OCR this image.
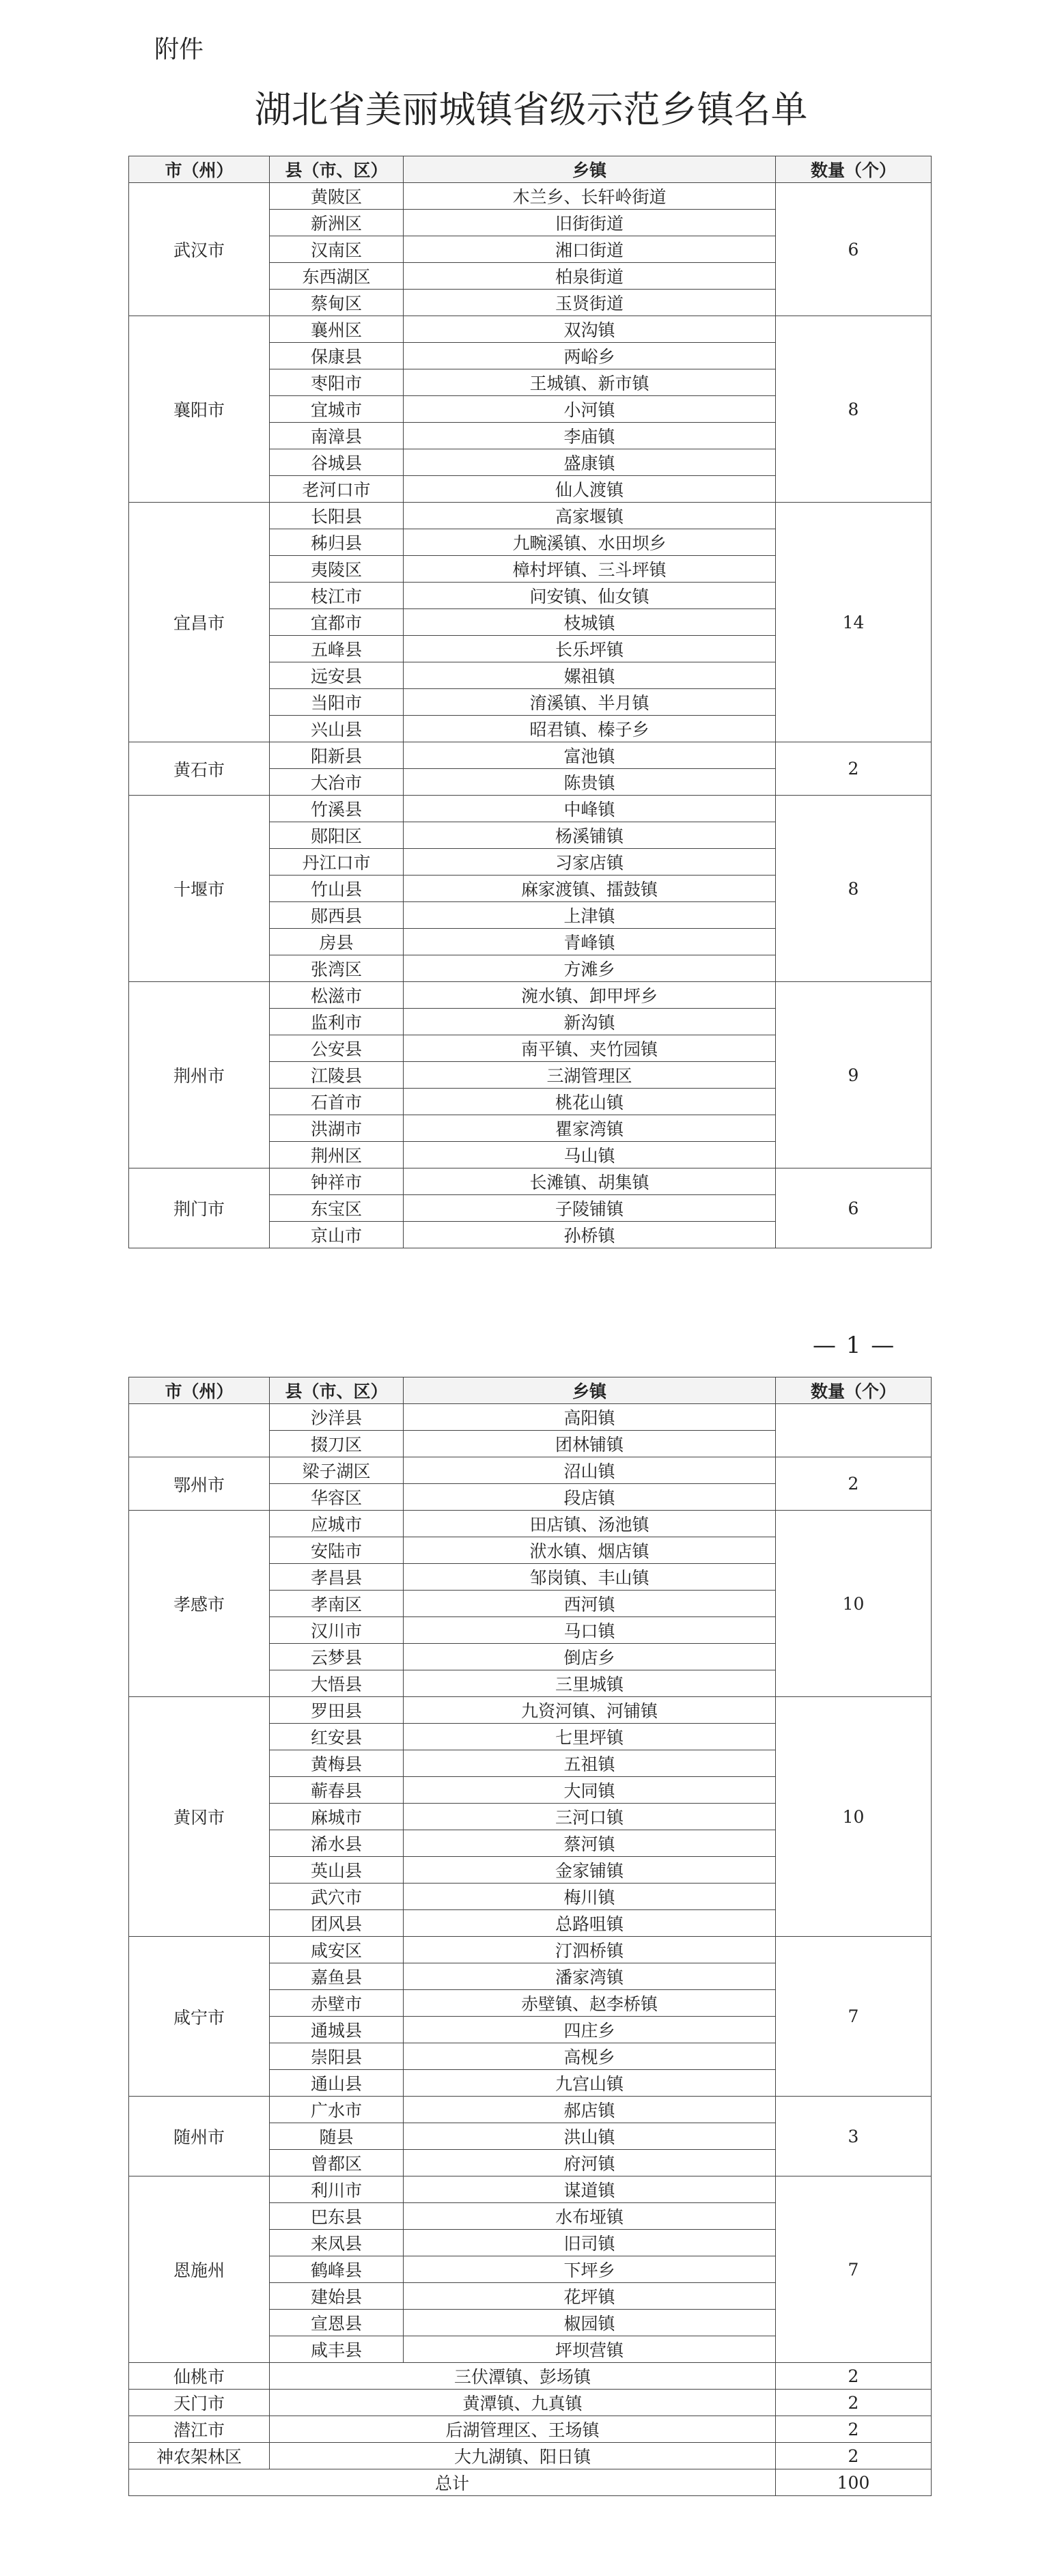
附件
湖北省美丽城镇省级示范乡镇名单
市（州）	县（市、区）	乡镇	数量（个）
武汉市	黄陂区	木兰乡、长轩岭街道	6
	新洲区	旧街街道	
	汉南区	湘口街道	
	东西湖区	柏泉街道	
	蔡甸区	玉贤街道	
襄阳市	襄州区	双沟镇	8
	保康县	两峪乡	
	枣阳市	王城镇、新市镇	
	宜城市	小河镇	
	南漳县	李庙镇	
	谷城县	盛康镇	
	老河口市	仙人渡镇	
宜昌市	长阳县	高家堰镇	14
	秭归县	九畹溪镇、水田坝乡	
	夷陵区	樟村坪镇、三斗坪镇	
	枝江市	问安镇、仙女镇	
	宜都市	枝城镇	
	五峰县	长乐坪镇	
	远安县	嫘祖镇	
	当阳市	淯溪镇、半月镇	
	兴山县	昭君镇、榛子乡	
黄石市	阳新县	富池镇	2
	大冶市	陈贵镇	
十堰市	竹溪县	中峰镇	8
	郧阳区	杨溪铺镇	
	丹江口市	习家店镇	
	竹山县	麻家渡镇、擂鼓镇	
	郧西县	上津镇	
	房县	青峰镇	
	张湾区	方滩乡	
荆州市	松滋市	涴水镇、卸甲坪乡	9
	监利市	新沟镇	
	公安县	南平镇、夹竹园镇	
	江陵县	三湖管理区	
	石首市	桃花山镇	
	洪湖市	瞿家湾镇	
	荆州区	马山镇	
荆门市	钟祥市	长滩镇、胡集镇	6
	东宝区	子陵铺镇	
	京山市	孙桥镇	
— 1 —
市（州）	县（市、区）	乡镇	数量（个）
	沙洋县	高阳镇	
	掇刀区	团林铺镇	
鄂州市	梁子湖区	沼山镇	2
	华容区	段店镇	
孝感市	应城市	田店镇、汤池镇	10
	安陆市	洑水镇、烟店镇	
	孝昌县	邹岗镇、丰山镇	
	孝南区	西河镇	
	汉川市	马口镇	
	云梦县	倒店乡	
	大悟县	三里城镇	
黄冈市	罗田县	九资河镇、河铺镇	10
	红安县	七里坪镇	
	黄梅县	五祖镇	
	蕲春县	大同镇	
	麻城市	三河口镇	
	浠水县	蔡河镇	
	英山县	金家铺镇	
	武穴市	梅川镇	
	团风县	总路咀镇	
咸宁市	咸安区	汀泗桥镇	7
	嘉鱼县	潘家湾镇	
	赤壁市	赤壁镇、赵李桥镇	
	通城县	四庄乡	
	崇阳县	高枧乡	
	通山县	九宫山镇	
随州市	广水市	郝店镇	3
	随县	洪山镇	
	曾都区	府河镇	
恩施州	利川市	谋道镇	7
	巴东县	水布垭镇	
	来凤县	旧司镇	
	鹤峰县	下坪乡	
	建始县	花坪镇	
	宣恩县	椒园镇	
	咸丰县	坪坝营镇	
仙桃市	三伏潭镇、彭场镇		2
天门市	黄潭镇、九真镇		2
潜江市	后湖管理区、王场镇		2
神农架林区	大九湖镇、阳日镇		2
总计			100
